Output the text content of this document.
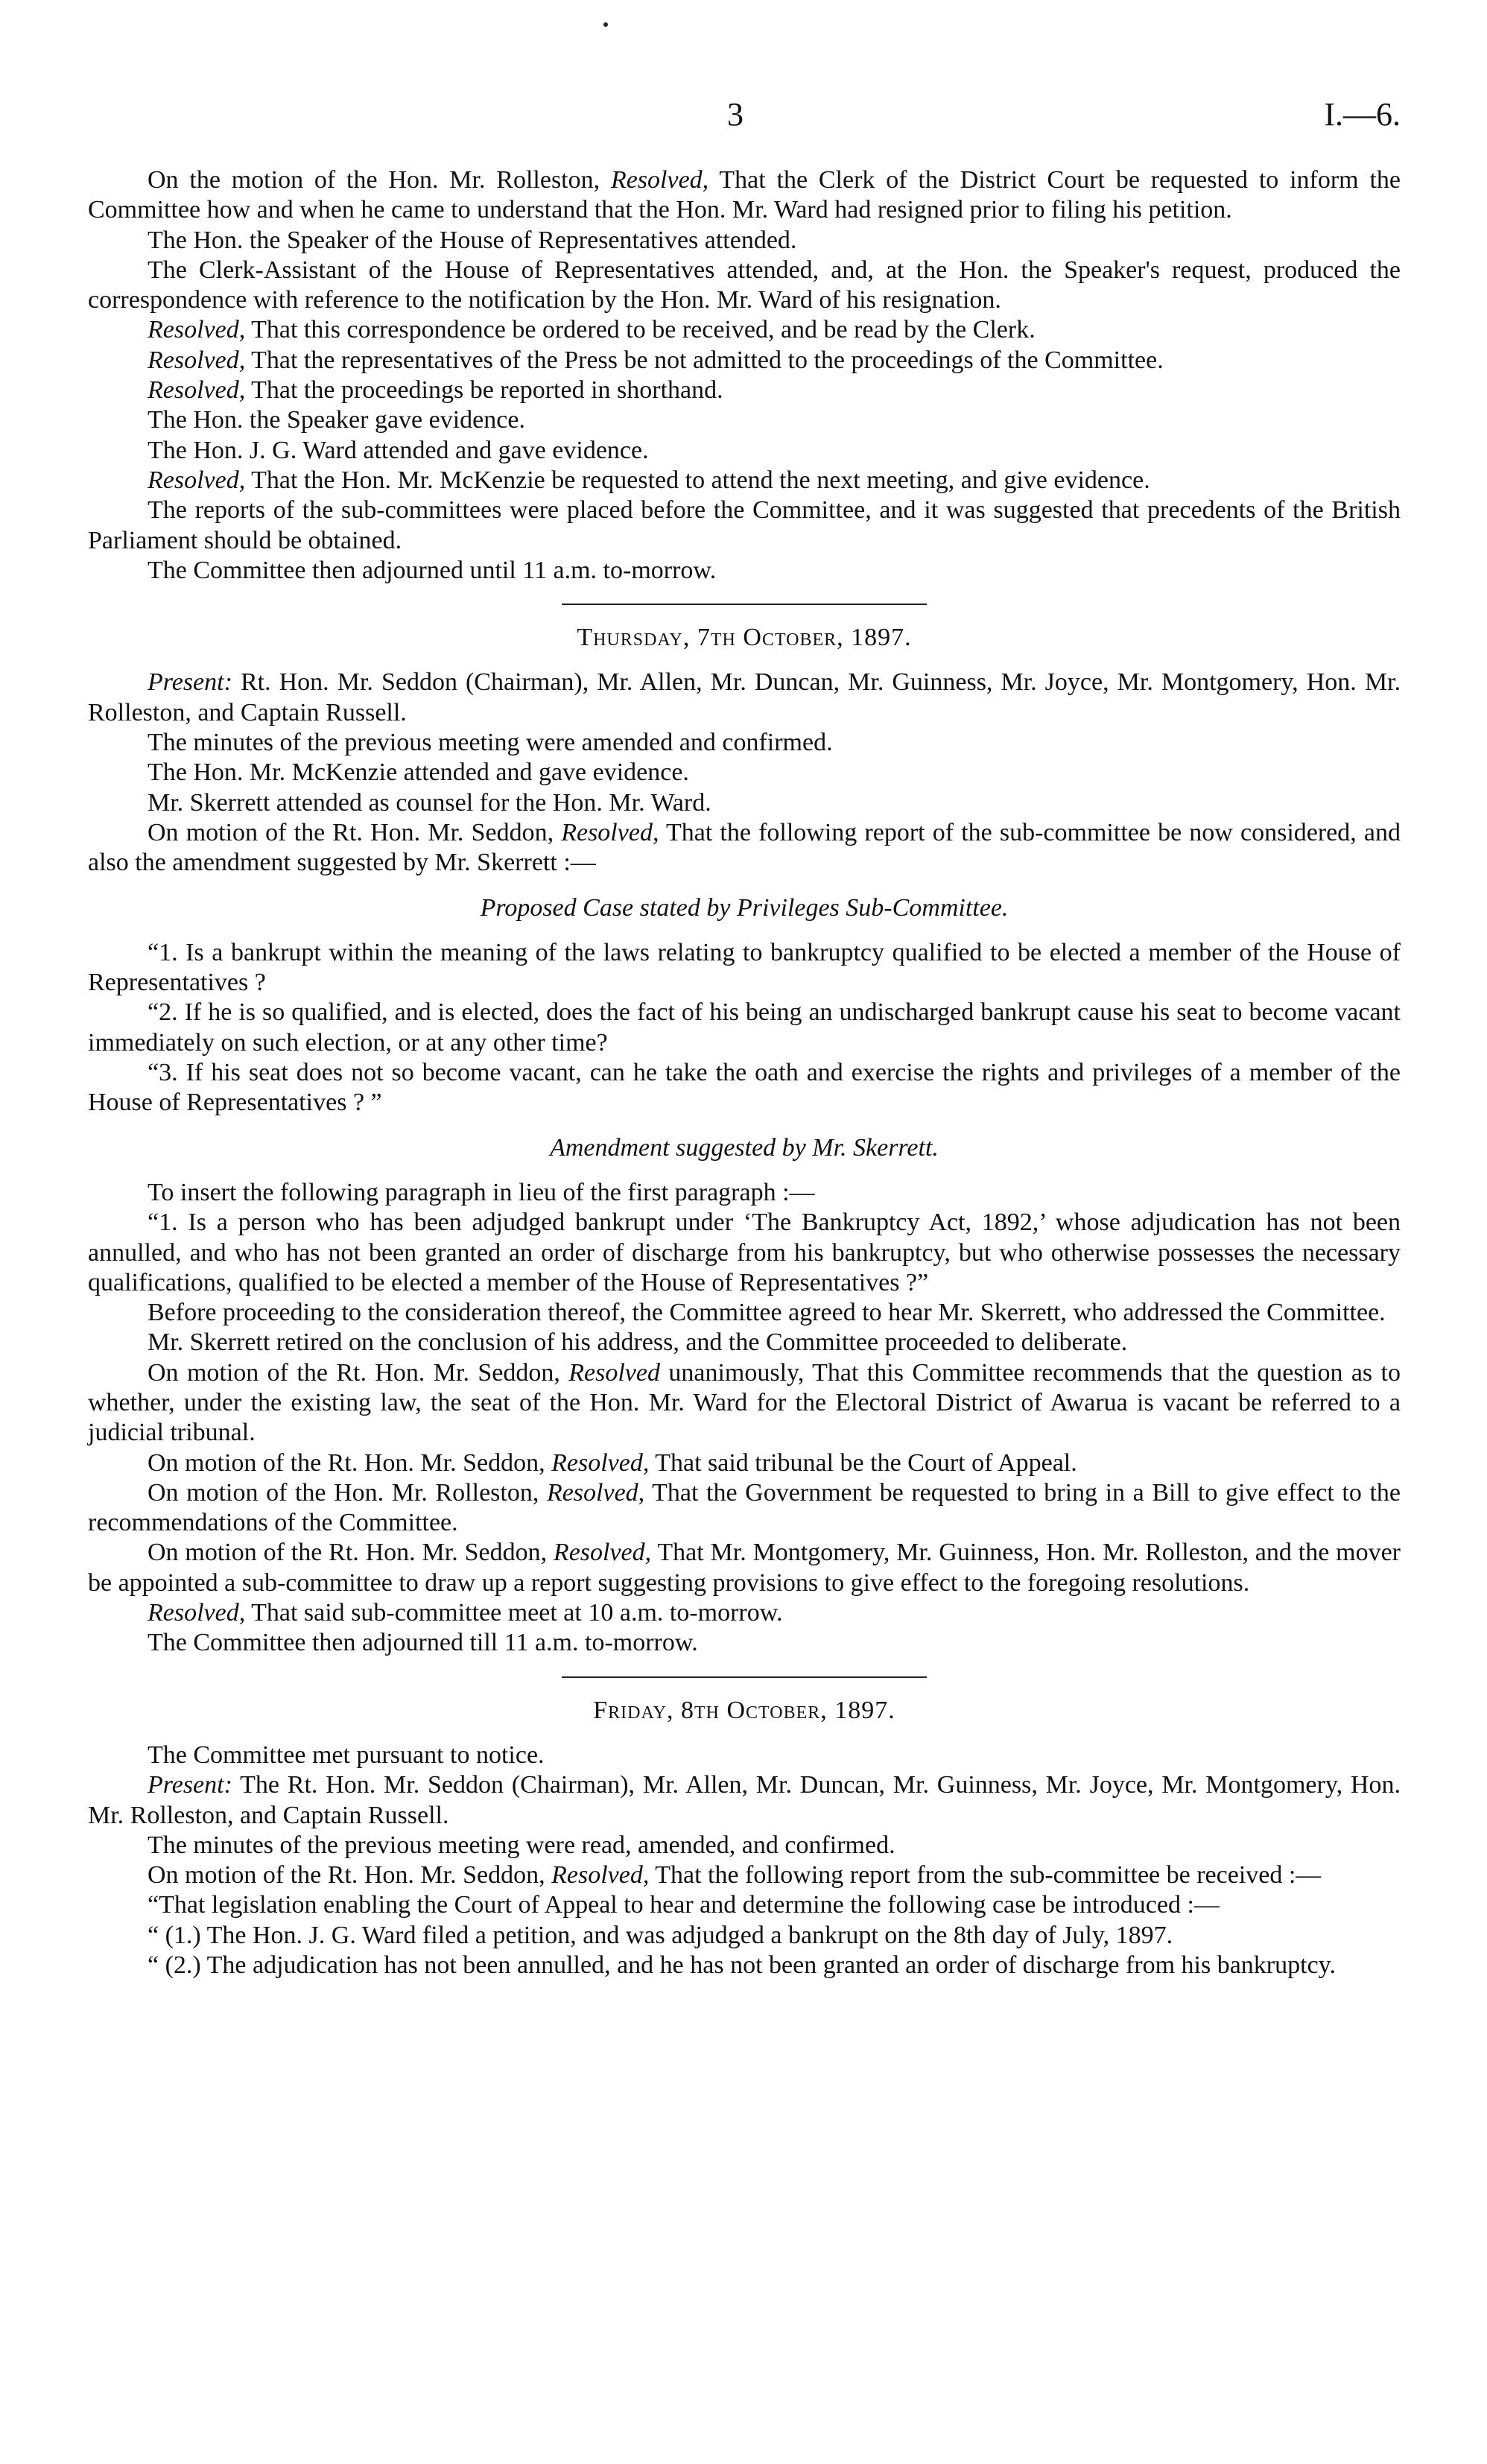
3	I.—6.

On the motion of the Hon. Mr. Rolleston, Resolved, That the Clerk of the District Court be requested to inform the Committee how and when he came to understand that the Hon. Mr. Ward had resigned prior to filing his petition.

The Hon. the Speaker of the House of Representatives attended.

The Clerk-Assistant of the House of Representatives attended, and, at the Hon. the Speaker's request, produced the correspondence with reference to the notification by the Hon. Mr. Ward of his resignation.

Resolved, That this correspondence be ordered to be received, and be read by the Clerk.

Resolved, That the representatives of the Press be not admitted to the proceedings of the Committee.

Resolved, That the proceedings be reported in shorthand.

The Hon. the Speaker gave evidence.

The Hon. J. G. Ward attended and gave evidence.

Resolved, That the Hon. Mr. McKenzie be requested to attend the next meeting, and give evidence.

The reports of the sub-committees were placed before the Committee, and it was suggested that precedents of the British Parliament should be obtained.

The Committee then adjourned until 11 a.m. to-morrow.

Thursday, 7th October, 1897.

Present: Rt. Hon. Mr. Seddon (Chairman), Mr. Allen, Mr. Duncan, Mr. Guinness, Mr. Joyce, Mr. Montgomery, Hon. Mr. Rolleston, and Captain Russell.

The minutes of the previous meeting were amended and confirmed.

The Hon. Mr. McKenzie attended and gave evidence.

Mr. Skerrett attended as counsel for the Hon. Mr. Ward.

On motion of the Rt. Hon. Mr. Seddon, Resolved, That the following report of the sub-committee be now considered, and also the amendment suggested by Mr. Skerrett :—

Proposed Case stated by Privileges Sub-Committee.

“1. Is a bankrupt within the meaning of the laws relating to bankruptcy qualified to be elected a member of the House of Representatives ?

“2. If he is so qualified, and is elected, does the fact of his being an undischarged bankrupt cause his seat to become vacant immediately on such election, or at any other time?

“3. If his seat does not so become vacant, can he take the oath and exercise the rights and privileges of a member of the House of Representatives ? ”

Amendment suggested by Mr. Skerrett.

To insert the following paragraph in lieu of the first paragraph :—

“1. Is a person who has been adjudged bankrupt under ‘The Bankruptcy Act, 1892,’ whose adjudication has not been annulled, and who has not been granted an order of discharge from his bankruptcy, but who otherwise possesses the necessary qualifications, qualified to be elected a member of the House of Representatives ?”

Before proceeding to the consideration thereof, the Committee agreed to hear Mr. Skerrett, who addressed the Committee.

Mr. Skerrett retired on the conclusion of his address, and the Committee proceeded to deliberate.

On motion of the Rt. Hon. Mr. Seddon, Resolved unanimously, That this Committee recommends that the question as to whether, under the existing law, the seat of the Hon. Mr. Ward for the Electoral District of Awarua is vacant be referred to a judicial tribunal.

On motion of the Rt. Hon. Mr. Seddon, Resolved, That said tribunal be the Court of Appeal.

On motion of the Hon. Mr. Rolleston, Resolved, That the Government be requested to bring in a Bill to give effect to the recommendations of the Committee.

On motion of the Rt. Hon. Mr. Seddon, Resolved, That Mr. Montgomery, Mr. Guinness, Hon. Mr. Rolleston, and the mover be appointed a sub-committee to draw up a report suggesting provisions to give effect to the foregoing resolutions.

Resolved, That said sub-committee meet at 10 a.m. to-morrow.

The Committee then adjourned till 11 a.m. to-morrow.

Friday, 8th October, 1897.

The Committee met pursuant to notice.

Present: The Rt. Hon. Mr. Seddon (Chairman), Mr. Allen, Mr. Duncan, Mr. Guinness, Mr. Joyce, Mr. Montgomery, Hon. Mr. Rolleston, and Captain Russell.

The minutes of the previous meeting were read, amended, and confirmed.

On motion of the Rt. Hon. Mr. Seddon, Resolved, That the following report from the sub-committee be received :—

“That legislation enabling the Court of Appeal to hear and determine the following case be introduced :—

“ (1.) The Hon. J. G. Ward filed a petition, and was adjudged a bankrupt on the 8th day of July, 1897.

“ (2.) The adjudication has not been annulled, and he has not been granted an order of discharge from his bankruptcy.
